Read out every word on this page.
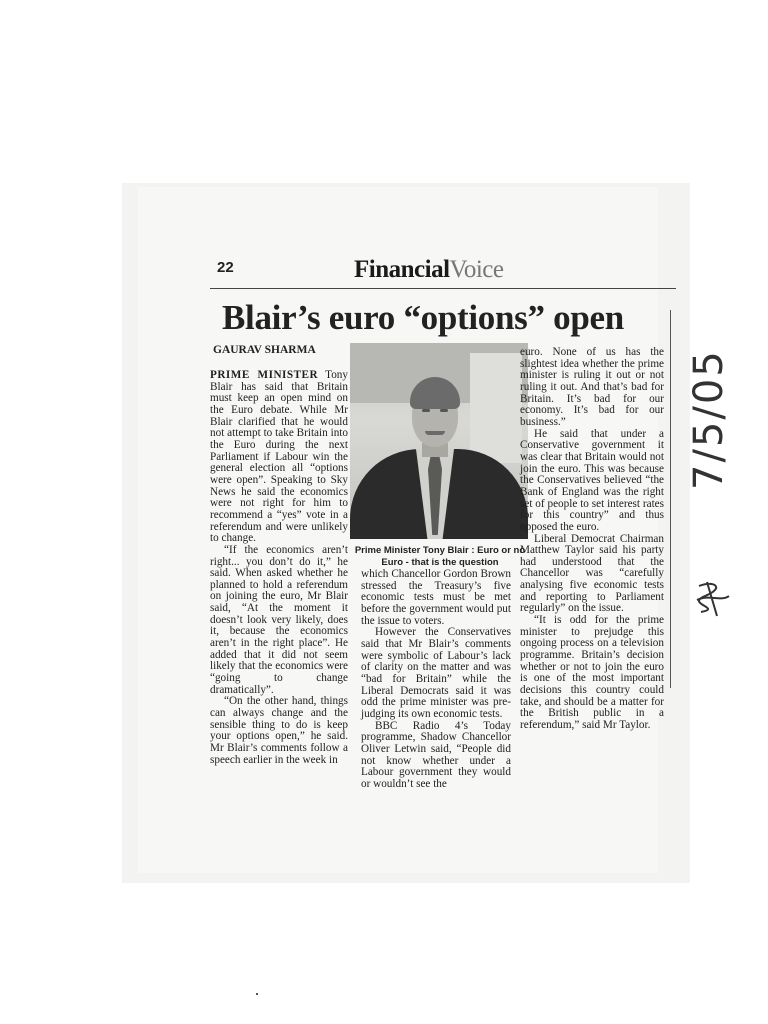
22	FinancialVoice
Blair’s euro “options” open
GAURAV SHARMA

PRIME MINISTER Tony Blair has said that Britain must keep an open mind on the Euro debate. While Mr Blair clarified that he would not attempt to take Britain into the Euro during the next Parliament if Labour win the general election all “options were open”. Speaking to Sky News he said the economics were not right for him to recommend a “yes” vote in a referendum and were unlikely to change.

“If the economics aren’t right... you don’t do it,” he said. When asked whether he planned to hold a referendum on joining the euro, Mr Blair said, “At the moment it doesn’t look very likely, does it, because the economics aren’t in the right place”. He added that it did not seem likely that the economics were “going to change dramatically”.

“On the other hand, things can always change and the sensible thing to do is keep your options open,” he said. Mr Blair’s comments follow a speech earlier in the week in

Prime Minister Tony Blair : Euro or no Euro - that is the question

which Chancellor Gordon Brown stressed the Treasury’s five economic tests must be met before the government would put the issue to voters.

However the Conservatives said that Mr Blair’s comments were symbolic of Labour’s lack of clarity on the matter and was “bad for Britain” while the Liberal Democrats said it was odd the prime minister was pre-judging its own economic tests.

BBC Radio 4’s Today programme, Shadow Chancellor Oliver Letwin said, “People did not know whether under a Labour government they would or wouldn’t see the

euro. None of us has the slightest idea whether the prime minister is ruling it out or not ruling it out. And that’s bad for Britain. It’s bad for our economy. It’s bad for our business.”

He said that under a Conservative government it was clear that Britain would not join the euro. This was because the Conservatives believed “the Bank of England was the right set of people to set interest rates for this country” and thus opposed the euro.

Liberal Democrat Chairman Matthew Taylor said his party had understood that the Chancellor was “carefully analysing five economic tests and reporting to Parliament regularly” on the issue.

“It is odd for the prime minister to prejudge this ongoing process on a television programme. Britain’s decision whether or not to join the euro is one of the most important decisions this country could take, and should be a matter for the British public in a referendum,” said Mr Taylor.

7/5/05
